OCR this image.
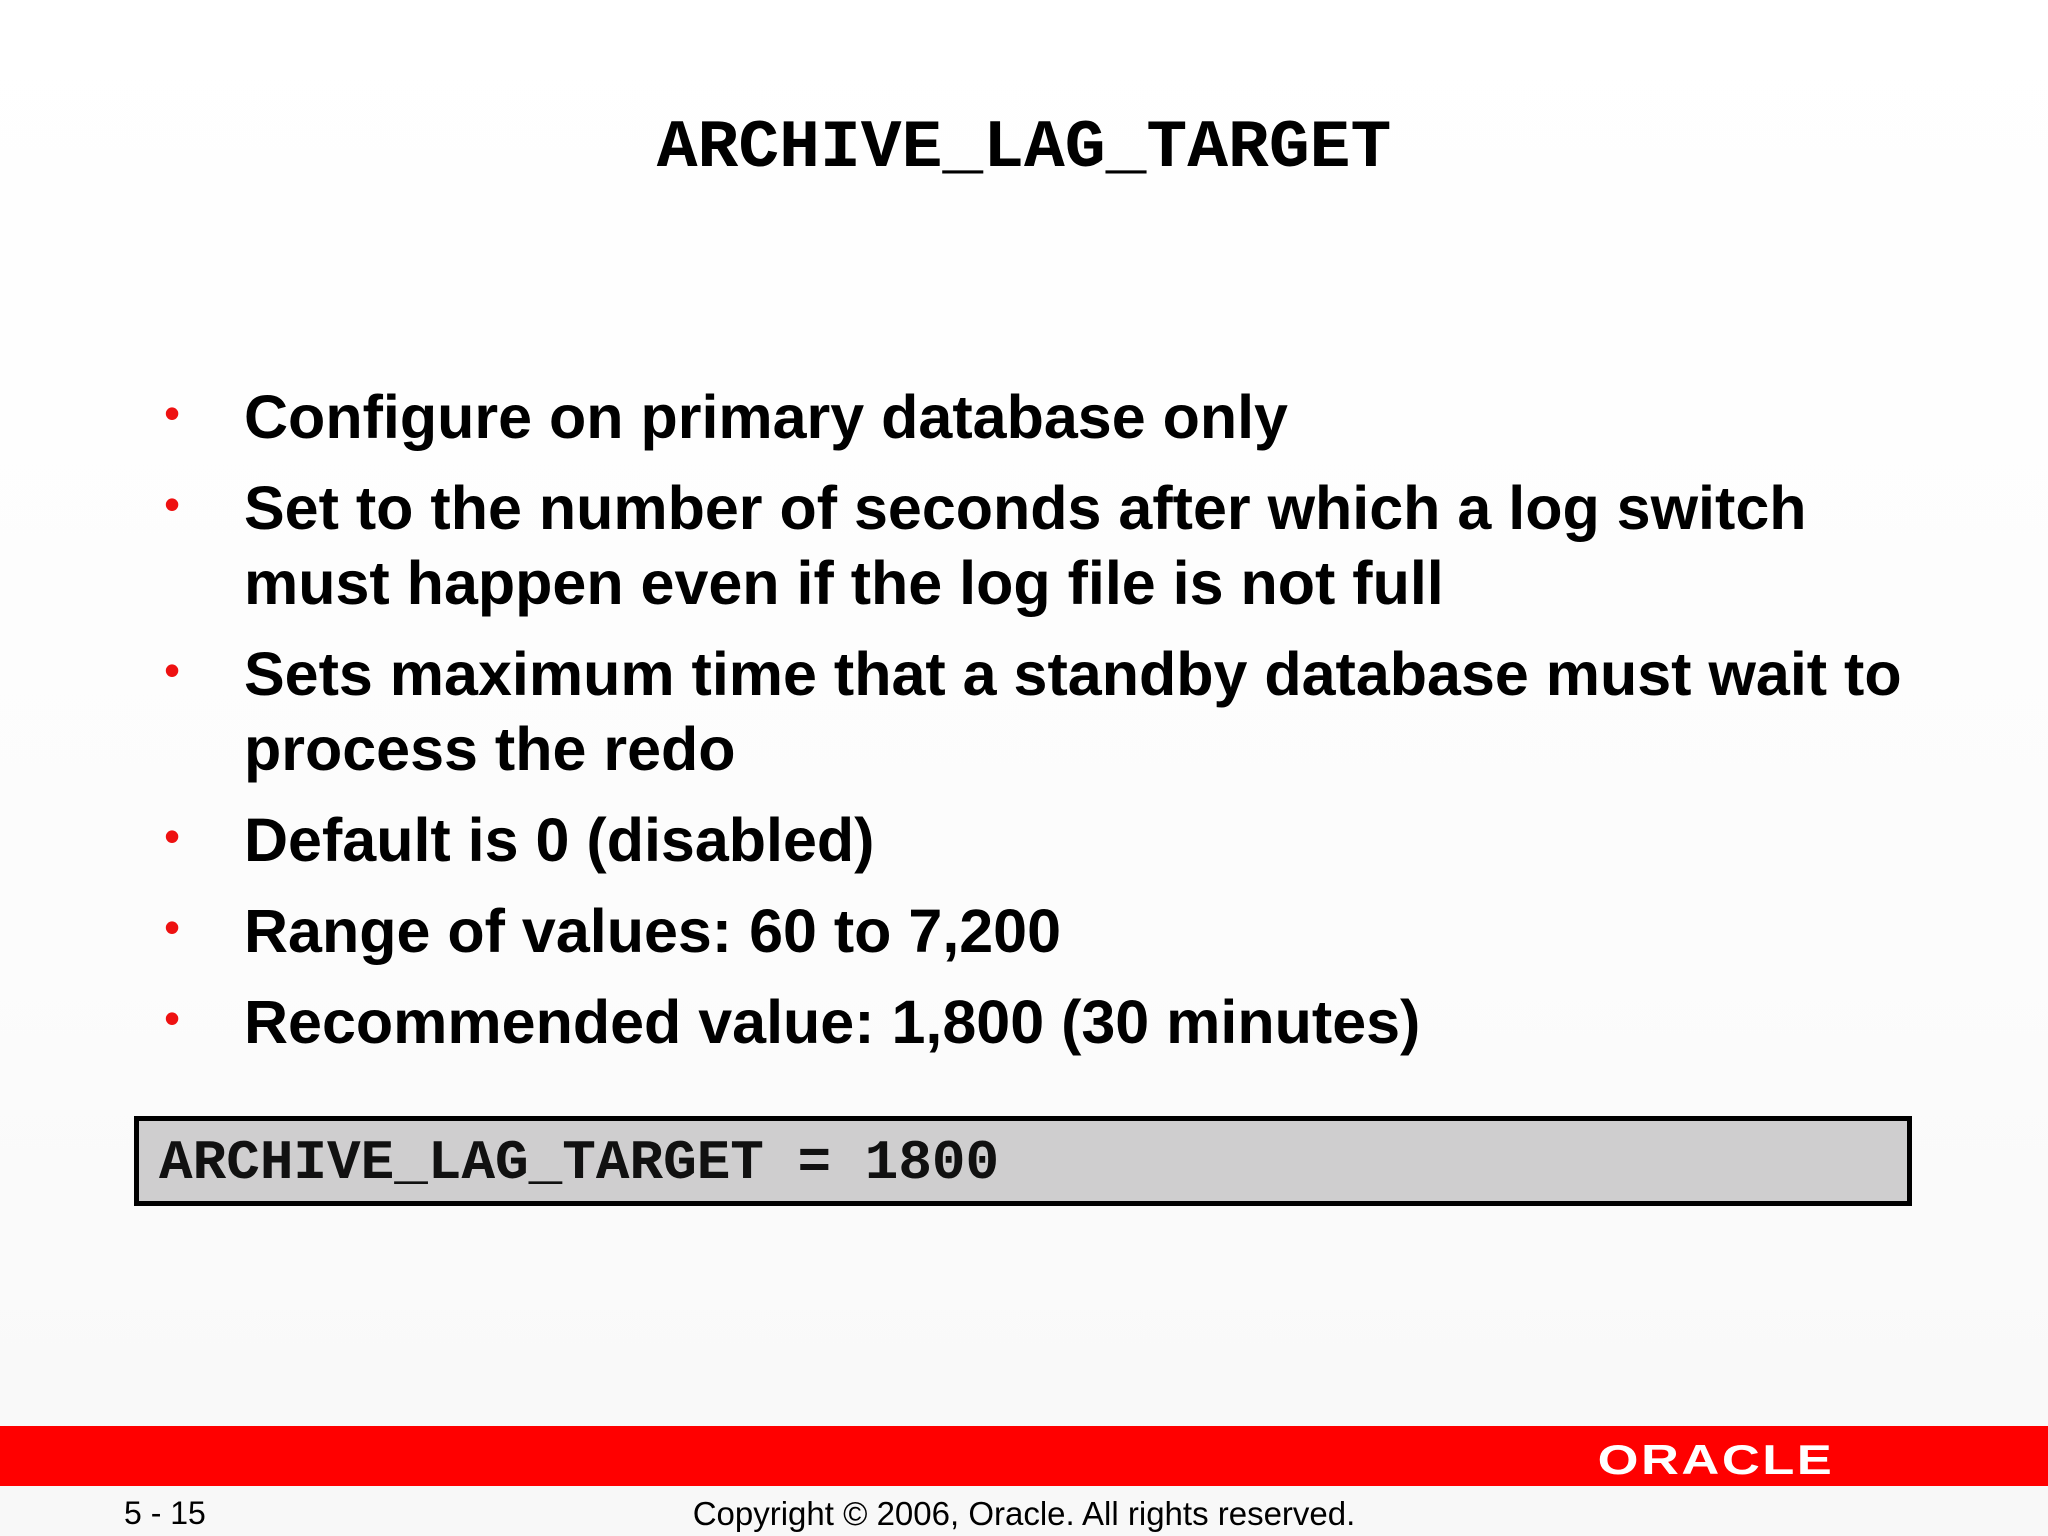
ARCHIVE_LAG_TARGET
• Configure on primary database only
• Set to the number of seconds after which a log switch must happen even if the log file is not full
• Sets maximum time that a standby database must wait to process the redo
• Default is 0 (disabled)
• Range of values: 60 to 7,200
• Recommended value: 1,800 (30 minutes)
ARCHIVE_LAG_TARGET = 1800
ORACLE
5 - 15	Copyright © 2006, Oracle. All rights reserved.
